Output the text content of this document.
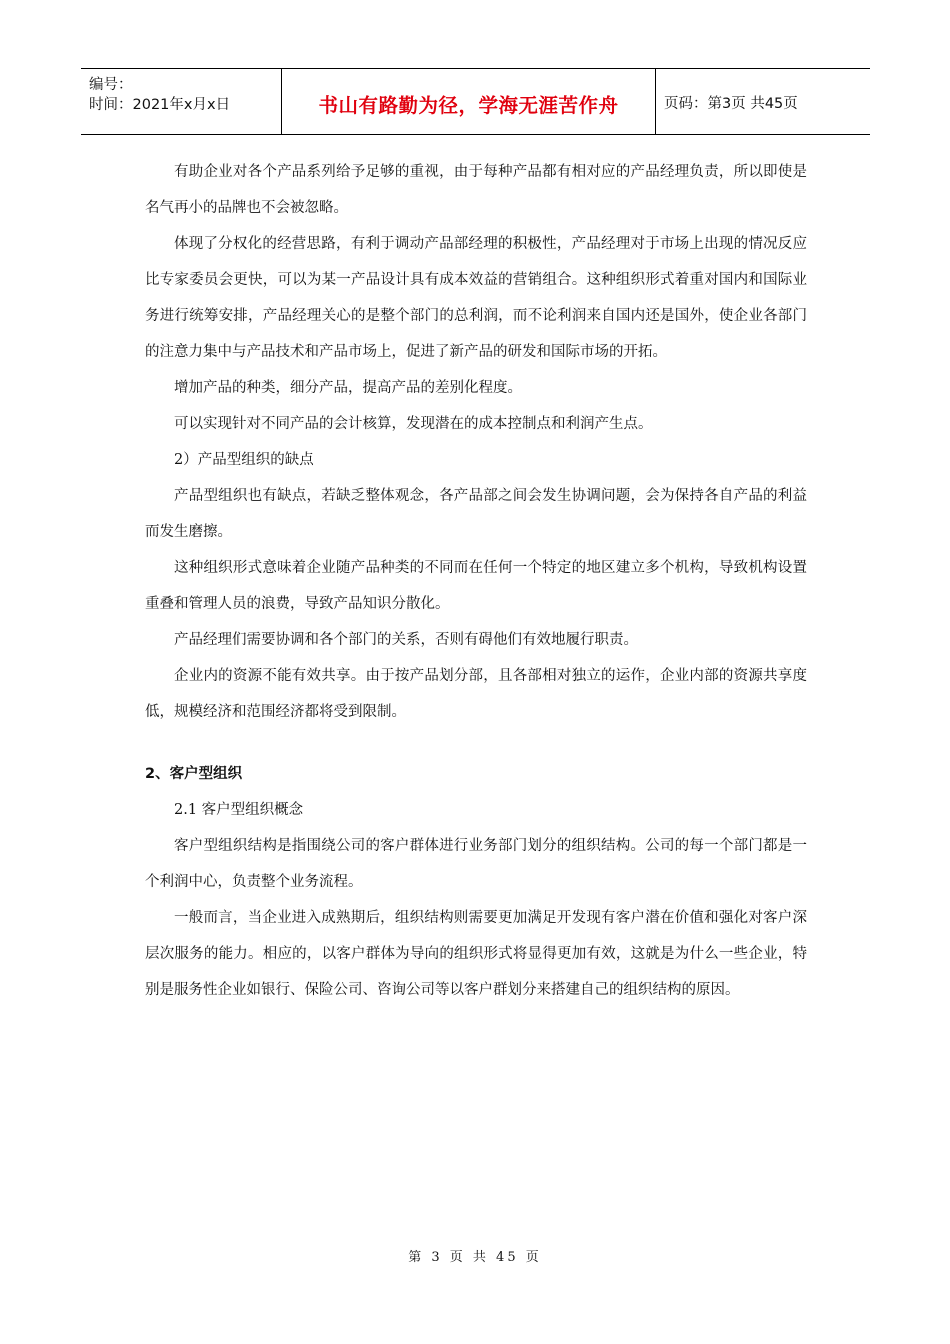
编号：
时间：2021年x月x日	书山有路勤为径，学海无涯苦作舟	页码：第3页 共45页

有助企业对各个产品系列给予足够的重视，由于每种产品都有相对应的产品经理负责，所以即使是名气再小的品牌也不会被忽略。

体现了分权化的经营思路，有利于调动产品部经理的积极性，产品经理对于市场上出现的情况反应比专家委员会更快，可以为某一产品设计具有成本效益的营销组合。这种组织形式着重对国内和国际业务进行统筹安排，产品经理关心的是整个部门的总利润，而不论利润来自国内还是国外，使企业各部门的注意力集中与产品技术和产品市场上，促进了新产品的研发和国际市场的开拓。

增加产品的种类，细分产品，提高产品的差别化程度。

可以实现针对不同产品的会计核算，发现潜在的成本控制点和利润产生点。

2）产品型组织的缺点

产品型组织也有缺点，若缺乏整体观念，各产品部之间会发生协调问题，会为保持各自产品的利益而发生磨擦。

这种组织形式意味着企业随产品种类的不同而在任何一个特定的地区建立多个机构，导致机构设置重叠和管理人员的浪费，导致产品知识分散化。

产品经理们需要协调和各个部门的关系，否则有碍他们有效地履行职责。

企业内的资源不能有效共享。由于按产品划分部，且各部相对独立的运作，企业内部的资源共享度低，规模经济和范围经济都将受到限制。

2、客户型组织

2.1 客户型组织概念

客户型组织结构是指围绕公司的客户群体进行业务部门划分的组织结构。公司的每一个部门都是一个利润中心，负责整个业务流程。

一般而言，当企业进入成熟期后，组织结构则需要更加满足开发现有客户潜在价值和强化对客户深层次服务的能力。相应的，以客户群体为导向的组织形式将显得更加有效，这就是为什么一些企业，特别是服务性企业如银行、保险公司、咨询公司等以客户群划分来搭建自己的组织结构的原因。

第 3 页 共 45 页
